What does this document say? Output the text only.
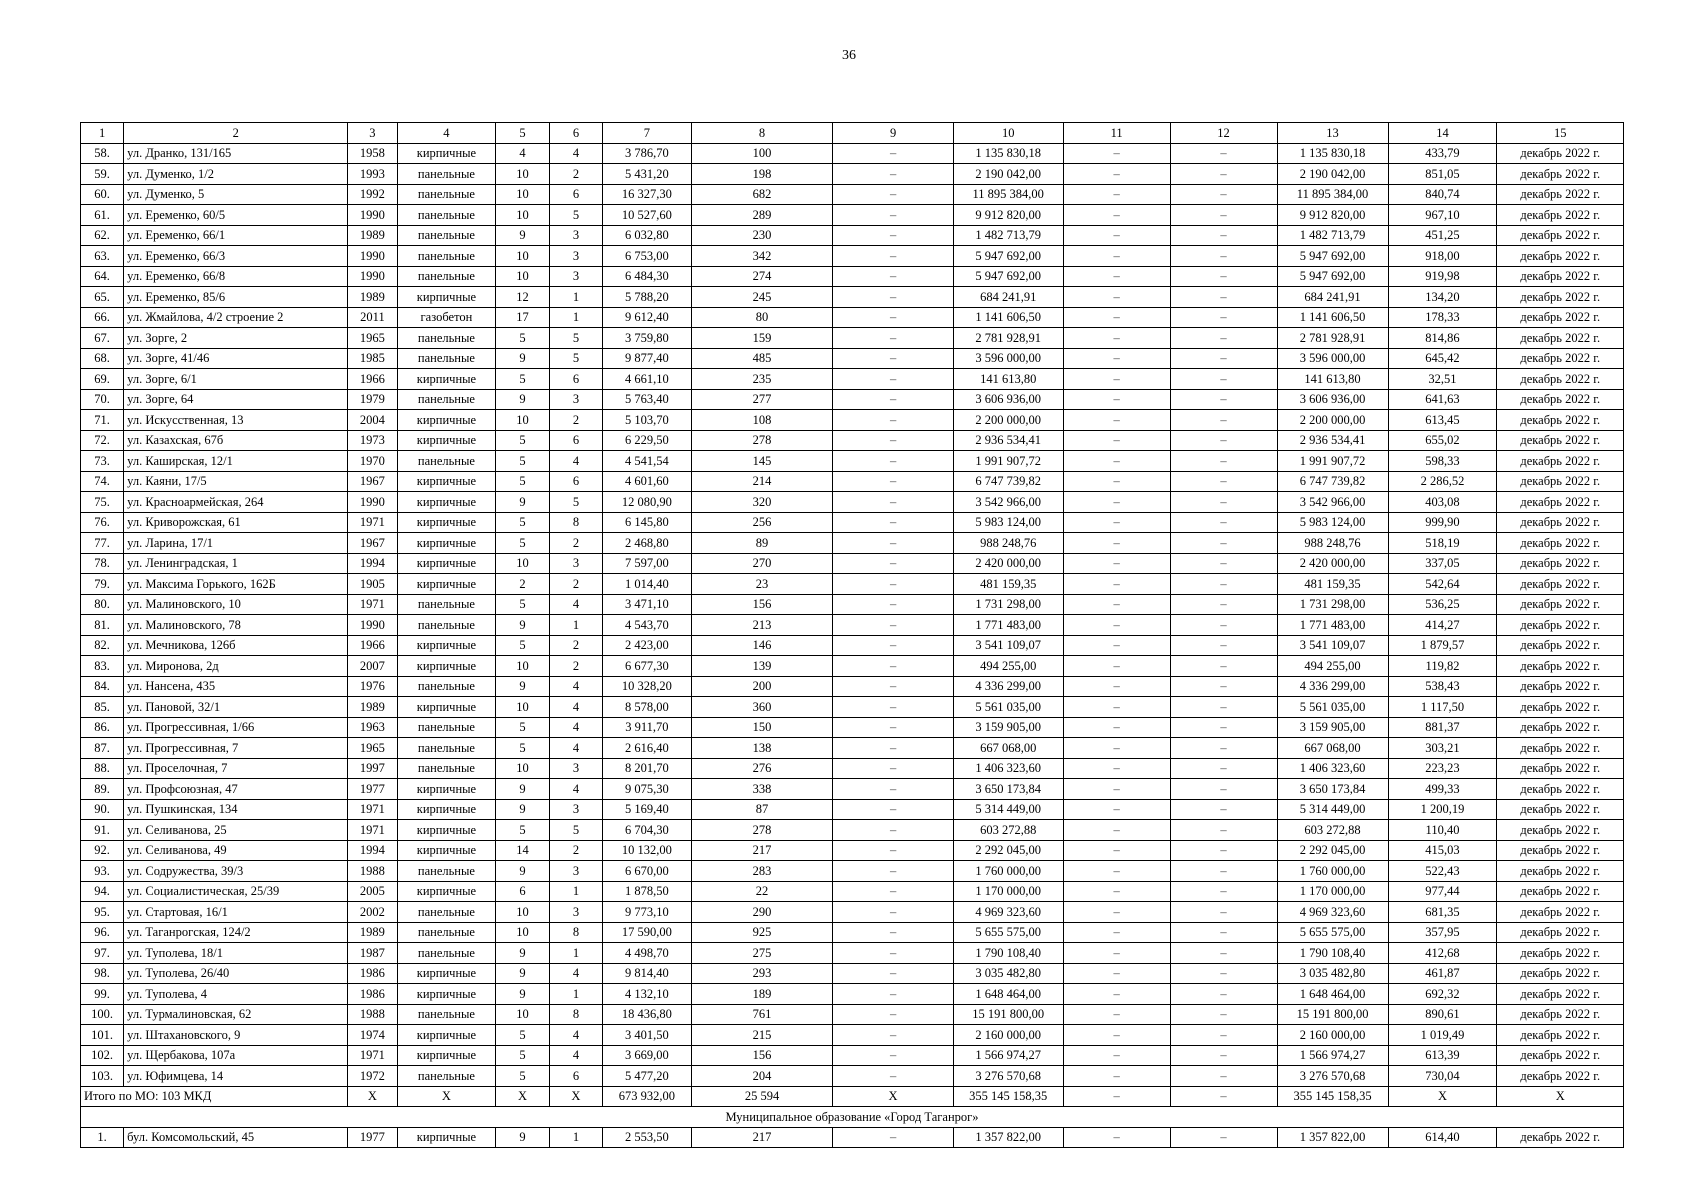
36
1	2	3	4	5	6	7	8	9	10	11	12	13	14	15
58.	ул. Дранко, 131/165	1958	кирпичные	4	4	3 786,70	100	–	1 135 830,18	–	–	1 135 830,18	433,79	декабрь 2022 г.
59.	ул. Думенко, 1/2	1993	панельные	10	2	5 431,20	198	–	2 190 042,00	–	–	2 190 042,00	851,05	декабрь 2022 г.
60.	ул. Думенко, 5	1992	панельные	10	6	16 327,30	682	–	11 895 384,00	–	–	11 895 384,00	840,74	декабрь 2022 г.
61.	ул. Еременко, 60/5	1990	панельные	10	5	10 527,60	289	–	9 912 820,00	–	–	9 912 820,00	967,10	декабрь 2022 г.
62.	ул. Еременко, 66/1	1989	панельные	9	3	6 032,80	230	–	1 482 713,79	–	–	1 482 713,79	451,25	декабрь 2022 г.
63.	ул. Еременко, 66/3	1990	панельные	10	3	6 753,00	342	–	5 947 692,00	–	–	5 947 692,00	918,00	декабрь 2022 г.
64.	ул. Еременко, 66/8	1990	панельные	10	3	6 484,30	274	–	5 947 692,00	–	–	5 947 692,00	919,98	декабрь 2022 г.
65.	ул. Еременко, 85/6	1989	кирпичные	12	1	5 788,20	245	–	684 241,91	–	–	684 241,91	134,20	декабрь 2022 г.
66.	ул. Жмайлова, 4/2 строение 2	2011	газобетон	17	1	9 612,40	80	–	1 141 606,50	–	–	1 141 606,50	178,33	декабрь 2022 г.
67.	ул. Зорге, 2	1965	панельные	5	5	3 759,80	159	–	2 781 928,91	–	–	2 781 928,91	814,86	декабрь 2022 г.
68.	ул. Зорге, 41/46	1985	панельные	9	5	9 877,40	485	–	3 596 000,00	–	–	3 596 000,00	645,42	декабрь 2022 г.
69.	ул. Зорге, 6/1	1966	кирпичные	5	6	4 661,10	235	–	141 613,80	–	–	141 613,80	32,51	декабрь 2022 г.
70.	ул. Зорге, 64	1979	панельные	9	3	5 763,40	277	–	3 606 936,00	–	–	3 606 936,00	641,63	декабрь 2022 г.
71.	ул. Искусственная, 13	2004	кирпичные	10	2	5 103,70	108	–	2 200 000,00	–	–	2 200 000,00	613,45	декабрь 2022 г.
72.	ул. Казахская, 67б	1973	кирпичные	5	6	6 229,50	278	–	2 936 534,41	–	–	2 936 534,41	655,02	декабрь 2022 г.
73.	ул. Каширская, 12/1	1970	панельные	5	4	4 541,54	145	–	1 991 907,72	–	–	1 991 907,72	598,33	декабрь 2022 г.
74.	ул. Каяни, 17/5	1967	кирпичные	5	6	4 601,60	214	–	6 747 739,82	–	–	6 747 739,82	2 286,52	декабрь 2022 г.
75.	ул. Красноармейская, 264	1990	кирпичные	9	5	12 080,90	320	–	3 542 966,00	–	–	3 542 966,00	403,08	декабрь 2022 г.
76.	ул. Криворожская, 61	1971	кирпичные	5	8	6 145,80	256	–	5 983 124,00	–	–	5 983 124,00	999,90	декабрь 2022 г.
77.	ул. Ларина, 17/1	1967	кирпичные	5	2	2 468,80	89	–	988 248,76	–	–	988 248,76	518,19	декабрь 2022 г.
78.	ул. Ленинградская, 1	1994	кирпичные	10	3	7 597,00	270	–	2 420 000,00	–	–	2 420 000,00	337,05	декабрь 2022 г.
79.	ул. Максима Горького, 162Б	1905	кирпичные	2	2	1 014,40	23	–	481 159,35	–	–	481 159,35	542,64	декабрь 2022 г.
80.	ул. Малиновского, 10	1971	панельные	5	4	3 471,10	156	–	1 731 298,00	–	–	1 731 298,00	536,25	декабрь 2022 г.
81.	ул. Малиновского, 78	1990	панельные	9	1	4 543,70	213	–	1 771 483,00	–	–	1 771 483,00	414,27	декабрь 2022 г.
82.	ул. Мечникова, 126б	1966	кирпичные	5	2	2 423,00	146	–	3 541 109,07	–	–	3 541 109,07	1 879,57	декабрь 2022 г.
83.	ул. Миронова, 2д	2007	кирпичные	10	2	6 677,30	139	–	494 255,00	–	–	494 255,00	119,82	декабрь 2022 г.
84.	ул. Нансена, 435	1976	панельные	9	4	10 328,20	200	–	4 336 299,00	–	–	4 336 299,00	538,43	декабрь 2022 г.
85.	ул. Пановой, 32/1	1989	кирпичные	10	4	8 578,00	360	–	5 561 035,00	–	–	5 561 035,00	1 117,50	декабрь 2022 г.
86.	ул. Прогрессивная, 1/66	1963	панельные	5	4	3 911,70	150	–	3 159 905,00	–	–	3 159 905,00	881,37	декабрь 2022 г.
87.	ул. Прогрессивная, 7	1965	панельные	5	4	2 616,40	138	–	667 068,00	–	–	667 068,00	303,21	декабрь 2022 г.
88.	ул. Проселочная, 7	1997	панельные	10	3	8 201,70	276	–	1 406 323,60	–	–	1 406 323,60	223,23	декабрь 2022 г.
89.	ул. Профсоюзная, 47	1977	кирпичные	9	4	9 075,30	338	–	3 650 173,84	–	–	3 650 173,84	499,33	декабрь 2022 г.
90.	ул. Пушкинская, 134	1971	кирпичные	9	3	5 169,40	87	–	5 314 449,00	–	–	5 314 449,00	1 200,19	декабрь 2022 г.
91.	ул. Селиванова, 25	1971	кирпичные	5	5	6 704,30	278	–	603 272,88	–	–	603 272,88	110,40	декабрь 2022 г.
92.	ул. Селиванова, 49	1994	кирпичные	14	2	10 132,00	217	–	2 292 045,00	–	–	2 292 045,00	415,03	декабрь 2022 г.
93.	ул. Содружества, 39/3	1988	панельные	9	3	6 670,00	283	–	1 760 000,00	–	–	1 760 000,00	522,43	декабрь 2022 г.
94.	ул. Социалистическая, 25/39	2005	кирпичные	6	1	1 878,50	22	–	1 170 000,00	–	–	1 170 000,00	977,44	декабрь 2022 г.
95.	ул. Стартовая, 16/1	2002	панельные	10	3	9 773,10	290	–	4 969 323,60	–	–	4 969 323,60	681,35	декабрь 2022 г.
96.	ул. Таганрогская, 124/2	1989	панельные	10	8	17 590,00	925	–	5 655 575,00	–	–	5 655 575,00	357,95	декабрь 2022 г.
97.	ул. Туполева, 18/1	1987	панельные	9	1	4 498,70	275	–	1 790 108,40	–	–	1 790 108,40	412,68	декабрь 2022 г.
98.	ул. Туполева, 26/40	1986	кирпичные	9	4	9 814,40	293	–	3 035 482,80	–	–	3 035 482,80	461,87	декабрь 2022 г.
99.	ул. Туполева, 4	1986	кирпичные	9	1	4 132,10	189	–	1 648 464,00	–	–	1 648 464,00	692,32	декабрь 2022 г.
100.	ул. Турмалиновская, 62	1988	панельные	10	8	18 436,80	761	–	15 191 800,00	–	–	15 191 800,00	890,61	декабрь 2022 г.
101.	ул. Штахановского, 9	1974	кирпичные	5	4	3 401,50	215	–	2 160 000,00	–	–	2 160 000,00	1 019,49	декабрь 2022 г.
102.	ул. Щербакова, 107а	1971	кирпичные	5	4	3 669,00	156	–	1 566 974,27	–	–	1 566 974,27	613,39	декабрь 2022 г.
103.	ул. Юфимцева, 14	1972	панельные	5	6	5 477,20	204	–	3 276 570,68	–	–	3 276 570,68	730,04	декабрь 2022 г.
Итого по МО: 103 МКД		X	X	X	X	673 932,00	25 594	X	355 145 158,35	–	–	355 145 158,35	X	X
Муниципальное образование «Город Таганрог»														
1.	бул. Комсомольский, 45	1977	кирпичные	9	1	2 553,50	217	–	1 357 822,00	–	–	1 357 822,00	614,40	декабрь 2022 г.
